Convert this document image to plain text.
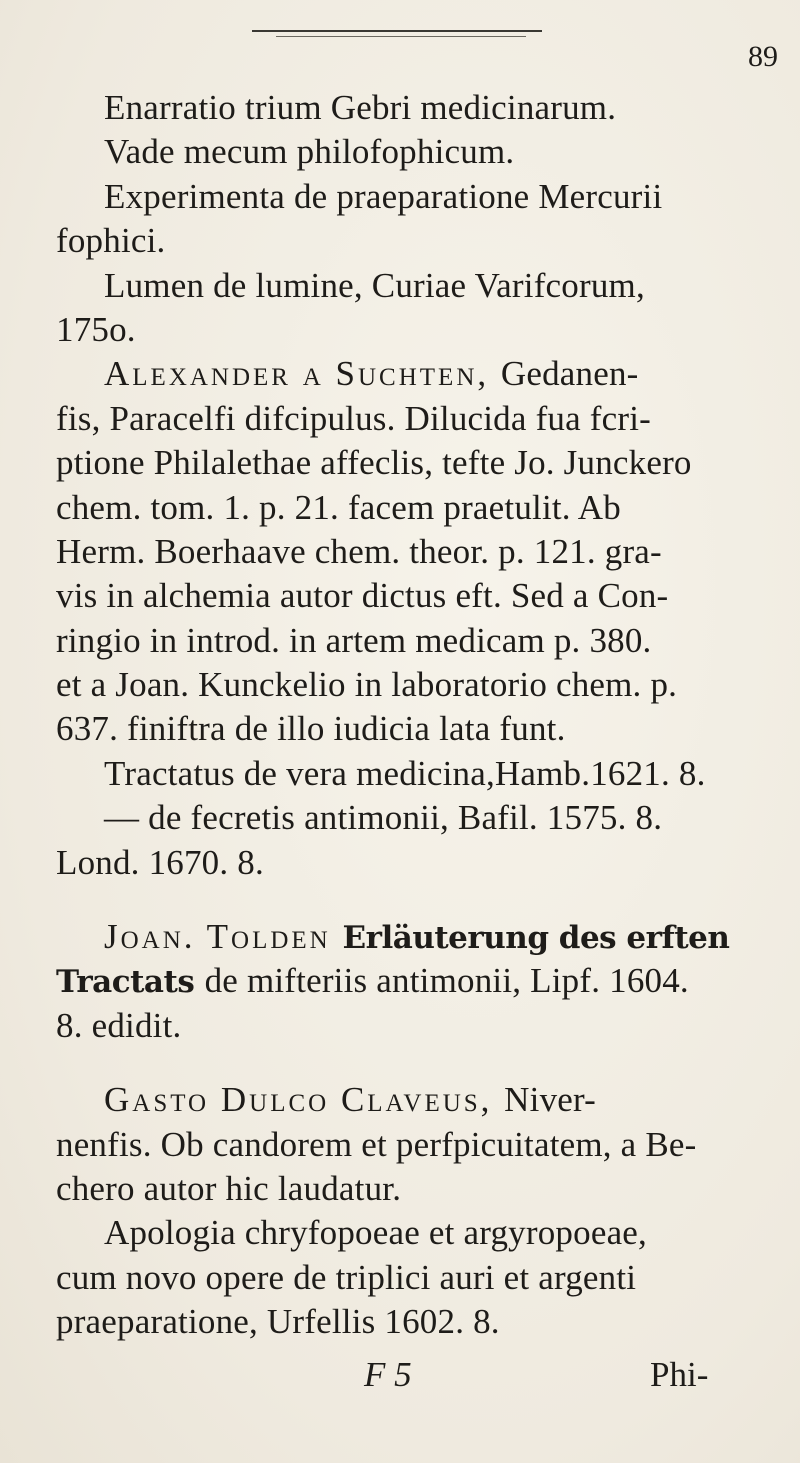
89
Enarratio trium Gebri medicinarum.
Vade mecum philofophicum.
Experimenta de praeparatione Mercurii
fophici.
Lumen de lumine, Curiae Varifcorum,
175o.
Alexander a Suchten, Gedanen-
fis, Paracelfi difcipulus. Dilucida fua fcri-
ptione Philalethae affeclis, tefte Jo. Junckero
chem. tom. 1. p. 21. facem praetulit. Ab
Herm. Boerhaave chem. theor. p. 121. gra-
vis in alchemia autor dictus eft. Sed a Con-
ringio in introd. in artem medicam p. 380.
et a Joan. Kunckelio in laboratorio chem. p.
637. finiftra de illo iudicia lata funt.
Tractatus de vera medicina,Hamb.1621. 8.
— de fecretis antimonii, Bafil. 1575. 8.
Lond. 1670. 8.
Joan. Tolden Erläuterung des erften
Tractats de mifteriis antimonii, Lipf. 1604.
8. edidit.
Gasto Dulco Claveus, Niver-
nenfis. Ob candorem et perfpicuitatem, a Be-
chero autor hic laudatur.
Apologia chryfopoeae et argyropoeae,
cum novo opere de triplici auri et argenti
praeparatione, Urfellis 1602. 8.
F 5	Phi-
